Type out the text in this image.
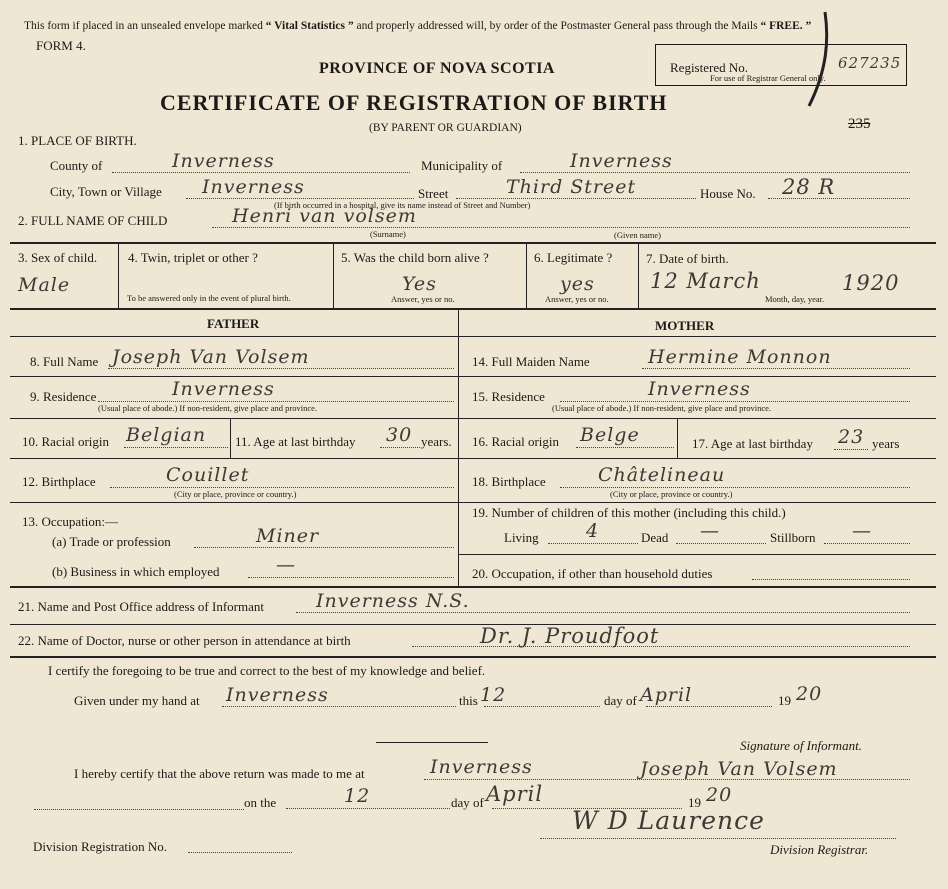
This form if placed in an unsealed envelope marked “ Vital Statistics ” and properly addressed will, by order of the Postmaster General pass through the Mails “ FREE. ”
FORM 4.
PROVINCE OF NOVA SCOTIA
CERTIFICATE OF REGISTRATION OF BIRTH
(BY PARENT OR GUARDIAN)
Registered No.	627235
For use of Registrar General only.
235
1. PLACE OF BIRTH.
County of	Inverness	Municipality of	Inverness
City, Town or Village Inverness	Street	Third Street	House No. 28 R
(If birth occurred in a hospital, give its name instead of Street and Number)
2. FULL NAME OF CHILD	Henri van volsem
(Surname)	(Given name)
3. Sex of child.
Male
4. Twin, triplet or other ?
To be answered only in the event of plural birth.
5. Was the child born alive ?
Yes
Answer, yes or no.
6. Legitimate ?
yes
Answer, yes or no.
7. Date of birth.
12 March	1920
Month, day, year.
FATHER	MOTHER
8. Full Name Joseph Van Volsem
9. Residence	Inverness
(Usual place of abode.) If non-resident, give place and province.
10. Racial origin Belgian 11. Age at last birthday 30 years.
12. Birthplace	Couillet
(City or place, province or country.)
13. Occupation:—
(a) Trade or profession	Miner
(b) Business in which employed	—
14. Full Maiden Name	Hermine Monnon
15. Residence	Inverness
(Usual place of abode.) If non-resident, give place and province.
16. Racial origin Belge	17. Age at last birthday 23 years
18. Birthplace	Châtelineau
(City or place, province or country.)
19. Number of children of this mother (including this child.)
Living 4	Dead —	Stillborn —
20. Occupation, if other than household duties
21. Name and Post Office address of Informant	Inverness N.S.
22. Name of Doctor, nurse or other person in attendance at birth	Dr. J. Proudfoot
I certify the foregoing to be true and correct to the best of my knowledge and belief.
Given under my hand at Inverness	this 12	day of April	19 20
Signature of Informant.
I hereby certify that the above return was made to me at	Inverness	Joseph Van Volsem
on the	12	day of April	19 20
W D Laurence
Division Registration No.	Division Registrar.
